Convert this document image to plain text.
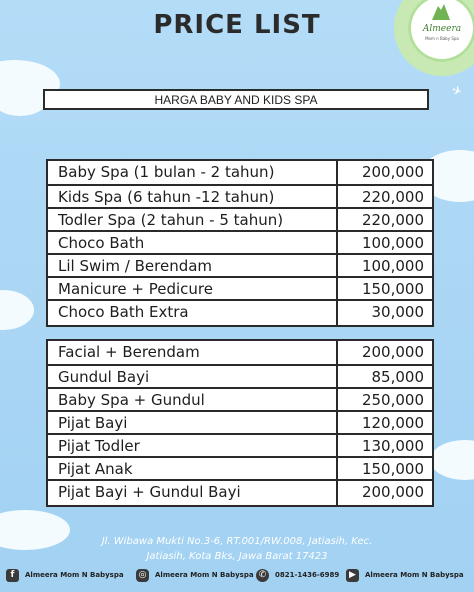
PRICE LIST	Almeera
Mom n Baby Spa
✈
HARGA BABY AND KIDS SPA
Baby Spa (1 bulan - 2 tahun)	200,000
Kids Spa (6 tahun -12 tahun)	220,000
Todler Spa (2 tahun - 5 tahun)	220,000
Choco Bath	100,000
Lil Swim / Berendam	100,000
Manicure + Pedicure	150,000
Choco Bath Extra	30,000
Facial + Berendam	200,000
Gundul Bayi	85,000
Baby Spa + Gundul	250,000
Pijat Bayi	120,000
Pijat Todler	130,000
Pijat Anak	150,000
Pijat Bayi + Gundul Bayi	200,000
Jl. Wibawa Mukti No.3-6, RT.001/RW.008, Jatiasih, Kec.
Jatiasih, Kota Bks, Jawa Barat 17423
f	Almeera Mom N Babyspa ◎	Almeera Mom N Babyspa ✆	0821-1436-6989	▶	Almeera Mom N Babyspa
